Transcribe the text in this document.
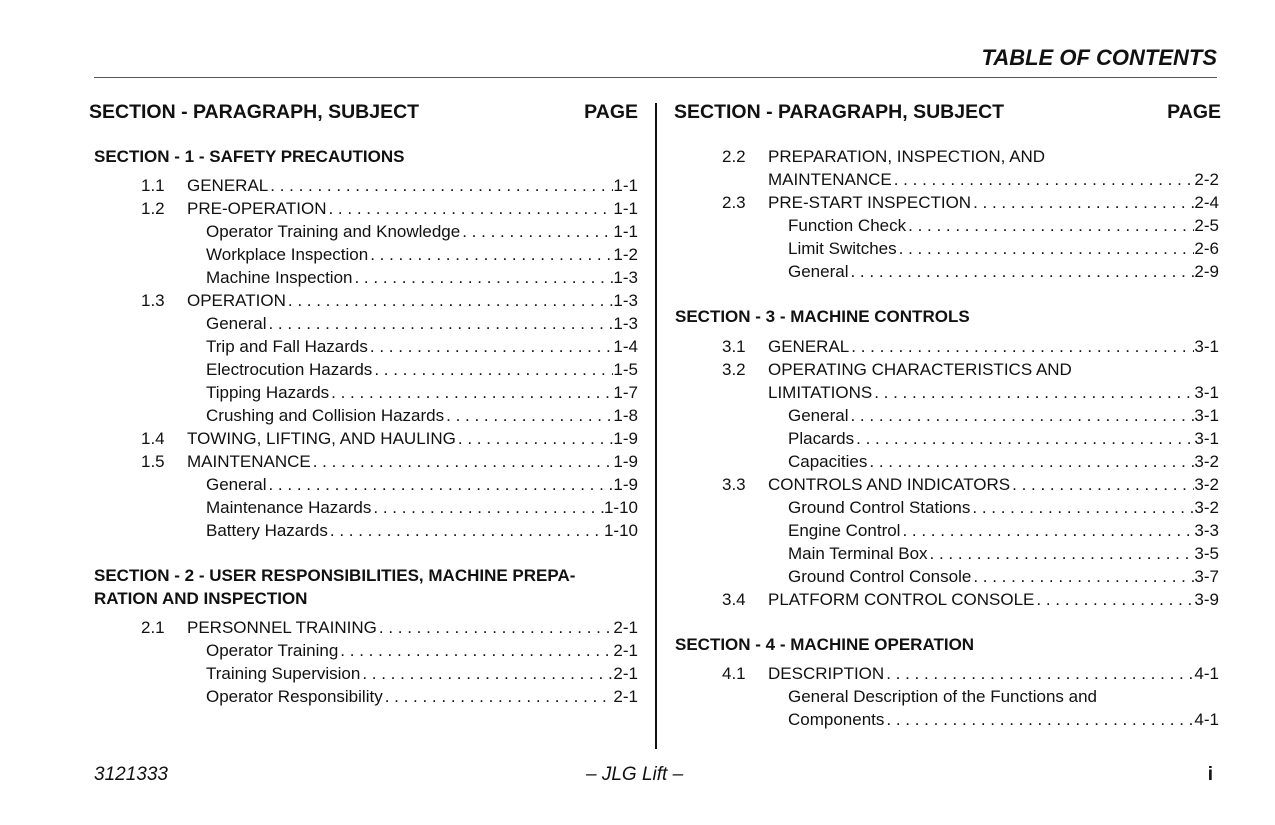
TABLE OF CONTENTS
SECTION - PARAGRAPH, SUBJECT	PAGE
SECTION - 1 - SAFETY PRECAUTIONS
1.1 GENERAL . . .	1-1
1.2 PRE-OPERATION . . .	1-1
Operator Training and Knowledge . . .	1-1
Workplace Inspection . . .	1-2
Machine Inspection . . .	1-3
1.3 OPERATION . . .	1-3
General . . .	1-3
Trip and Fall Hazards . . .	1-4
Electrocution Hazards . . .	1-5
Tipping Hazards . . .	1-7
Crushing and Collision Hazards . . .	1-8
1.4 TOWING, LIFTING, AND HAULING . . .	1-9
1.5 MAINTENANCE . . .	1-9
General . . .	1-9
Maintenance Hazards . . .	1-10
Battery Hazards . . .	1-10
SECTION - 2 - USER RESPONSIBILITIES, MACHINE PREPA-
RATION AND INSPECTION
2.1 PERSONNEL TRAINING . . .	2-1
Operator Training . . .	2-1
Training Supervision . . .	2-1
Operator Responsibility . . .	2-1
SECTION - PARAGRAPH, SUBJECT	PAGE
2.2 PREPARATION, INSPECTION, AND
MAINTENANCE . . .	2-2
2.3 PRE-START INSPECTION . . .	2-4
Function Check . . .	2-5
Limit Switches . . .	2-6
General . . .	2-9
SECTION - 3 - MACHINE CONTROLS
3.1 GENERAL . . .	3-1
3.2 OPERATING CHARACTERISTICS AND
LIMITATIONS . . .	3-1
General . . .	3-1
Placards . . .	3-1
Capacities . . .	3-2
3.3 CONTROLS AND INDICATORS . . .	3-2
Ground Control Stations . . .	3-2
Engine Control . . .	3-3
Main Terminal Box . . .	3-5
Ground Control Console . . .	3-7
3.4 PLATFORM CONTROL CONSOLE . . .	3-9
SECTION - 4 - MACHINE OPERATION
4.1 DESCRIPTION . . .	4-1
General Description of the Functions and
Components . . .	4-1
3121333	– JLG Lift –	i
